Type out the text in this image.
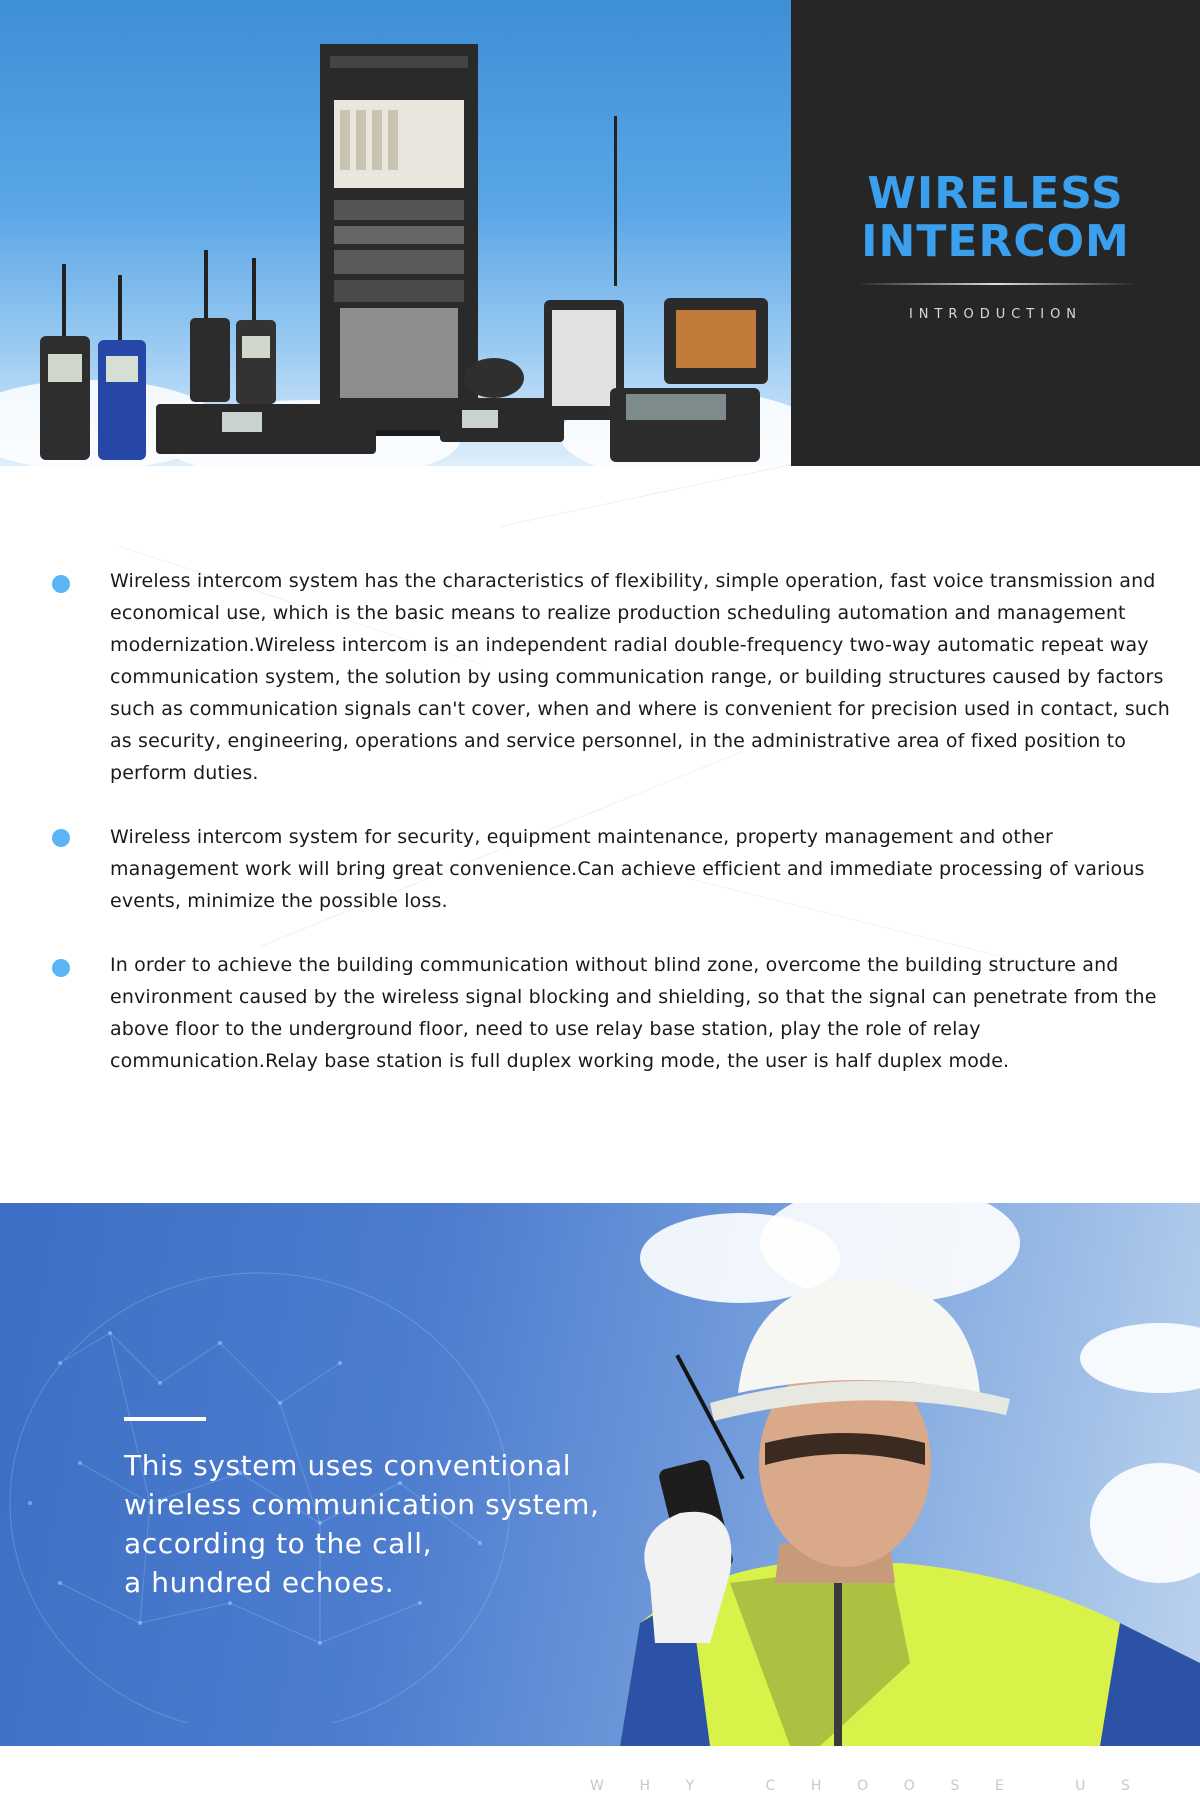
WIRELESS
INTERCOM
INTRODUCTION

Wireless intercom system has the characteristics of flexibility, simple operation, fast voice transmission and economical use, which is the basic means to realize production scheduling automation and management modernization.Wireless intercom is an independent radial double-frequency two-way automatic repeat way communication system, the solution by using communication range, or building structures caused by factors such as communication signals can't cover, when and where is convenient for precision used in contact, such as security, engineering, operations and service personnel, in the administrative area of fixed position to perform duties.

Wireless intercom system for security, equipment maintenance, property management and other management work will bring great convenience.Can achieve efficient and immediate processing of various events, minimize the possible loss.

In order to achieve the building communication without blind zone, overcome the building structure and environment caused by the wireless signal blocking and shielding, so that the signal can penetrate from the above floor to the underground floor, need to use relay base station, play the role of relay communication.Relay base station is full duplex working mode, the user is half duplex mode.

This system uses conventional
wireless communication system,
according to the call,
a hundred echoes.
W	H	Y	C	H	O	O	S	E	U	S
